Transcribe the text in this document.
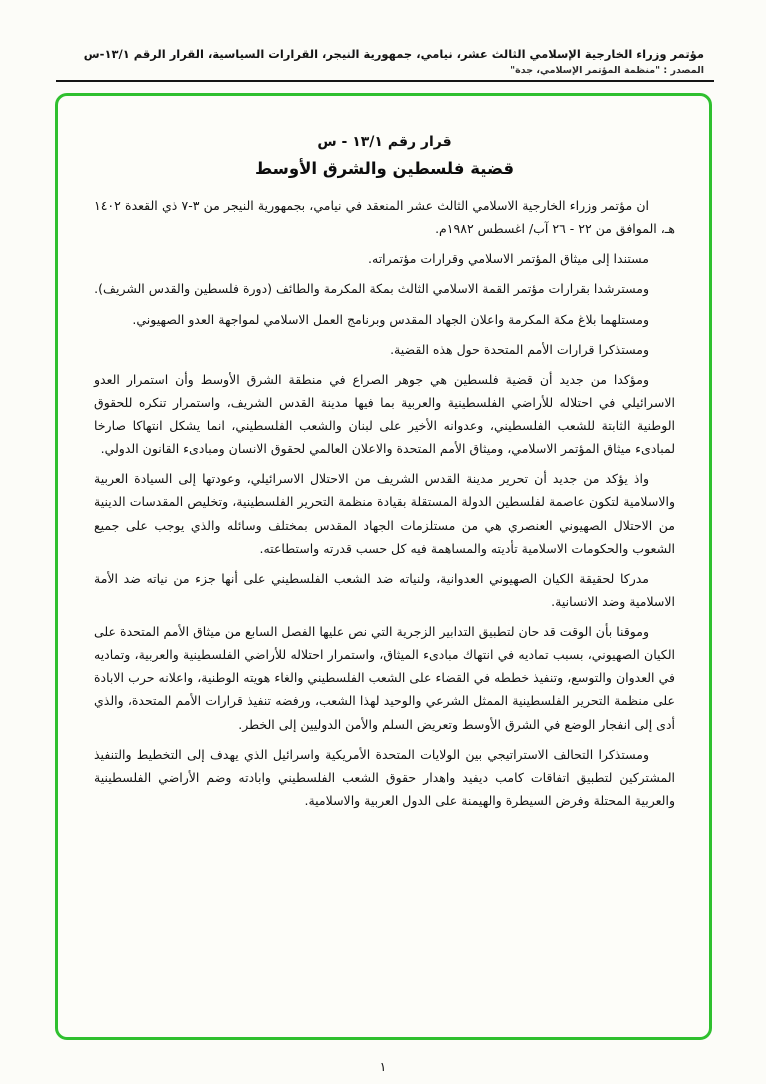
مؤتمر وزراء الخارجية الإسلامي الثالث عشر، نيامي، جمهورية النيجر، القرارات السياسية، القرار الرقم ١٣/١-س
المصدر : "منظمة المؤتمر الإسلامي، جدة"
قرار رقم ١٣/١ - س
قضية فلسطين والشرق الأوسط

ان مؤتمر وزراء الخارجية الاسلامي الثالث عشر المنعقد في نيامي، بجمهورية النيجر من ٣-٧ ذي القعدة ١٤٠٢ هـ، الموافق من ٢٢ - ٢٦ آب/ اغسطس ١٩٨٢م.

مستندا إلى ميثاق المؤتمر الاسلامي وقرارات مؤتمراته.

ومسترشدا بقرارات مؤتمر القمة الاسلامي الثالث بمكة المكرمة والطائف (دورة فلسطين والقدس الشريف).

ومستلهما بلاغ مكة المكرمة واعلان الجهاد المقدس وبرنامج العمل الاسلامي لمواجهة العدو الصهيوني.

ومستذكرا قرارات الأمم المتحدة حول هذه القضية.

ومؤكدا من جديد أن قضية فلسطين هي جوهر الصراع في منطقة الشرق الأوسط وأن استمرار العدو الاسرائيلي في احتلاله للأراضي الفلسطينية والعربية بما فيها مدينة القدس الشريف، واستمرار تنكره للحقوق الوطنية الثابتة للشعب الفلسطيني، وعدوانه الأخير على لبنان والشعب الفلسطيني، انما يشكل انتهاكا صارخا لمبادىء ميثاق المؤتمر الاسلامي، وميثاق الأمم المتحدة والاعلان العالمي لحقوق الانسان ومبادىء القانون الدولي.

واذ يؤكد من جديد أن تحرير مدينة القدس الشريف من الاحتلال الاسرائيلي، وعودتها إلى السيادة العربية والاسلامية لتكون عاصمة لفلسطين الدولة المستقلة بقيادة منظمة التحرير الفلسطينية، وتخليص المقدسات الدينية من الاحتلال الصهيوني العنصري هي من مستلزمات الجهاد المقدس بمختلف وسائله والذي يوجب على جميع الشعوب والحكومات الاسلامية تأديته والمساهمة فيه كل حسب قدرته واستطاعته.

مدركا لحقيقة الكيان الصهيوني العدوانية، ولنياته ضد الشعب الفلسطيني على أنها جزء من نياته ضد الأمة الاسلامية وضد الانسانية.

وموقنا بأن الوقت قد حان لتطبيق التدابير الزجرية التي نص عليها الفصل السابع من ميثاق الأمم المتحدة على الكيان الصهيوني، بسبب تماديه في انتهاك مبادىء الميثاق، واستمرار احتلاله للأراضي الفلسطينية والعربية، وتماديه في العدوان والتوسع، وتنفيذ خططه في القضاء على الشعب الفلسطيني والغاء هويته الوطنية، واعلانه حرب الابادة على منظمة التحرير الفلسطينية الممثل الشرعي والوحيد لهذا الشعب، ورفضه تنفيذ قرارات الأمم المتحدة، والذي أدى إلى انفجار الوضع في الشرق الأوسط وتعريض السلم والأمن الدوليين إلى الخطر.

ومستذكرا التحالف الاستراتيجي بين الولايات المتحدة الأمريكية واسرائيل الذي يهدف إلى التخطيط والتنفيذ المشتركين لتطبيق اتفاقات كامب ديفيد واهدار حقوق الشعب الفلسطيني وابادته وضم الأراضي الفلسطينية والعربية المحتلة وفرض السيطرة والهيمنة على الدول العربية والاسلامية.

١
